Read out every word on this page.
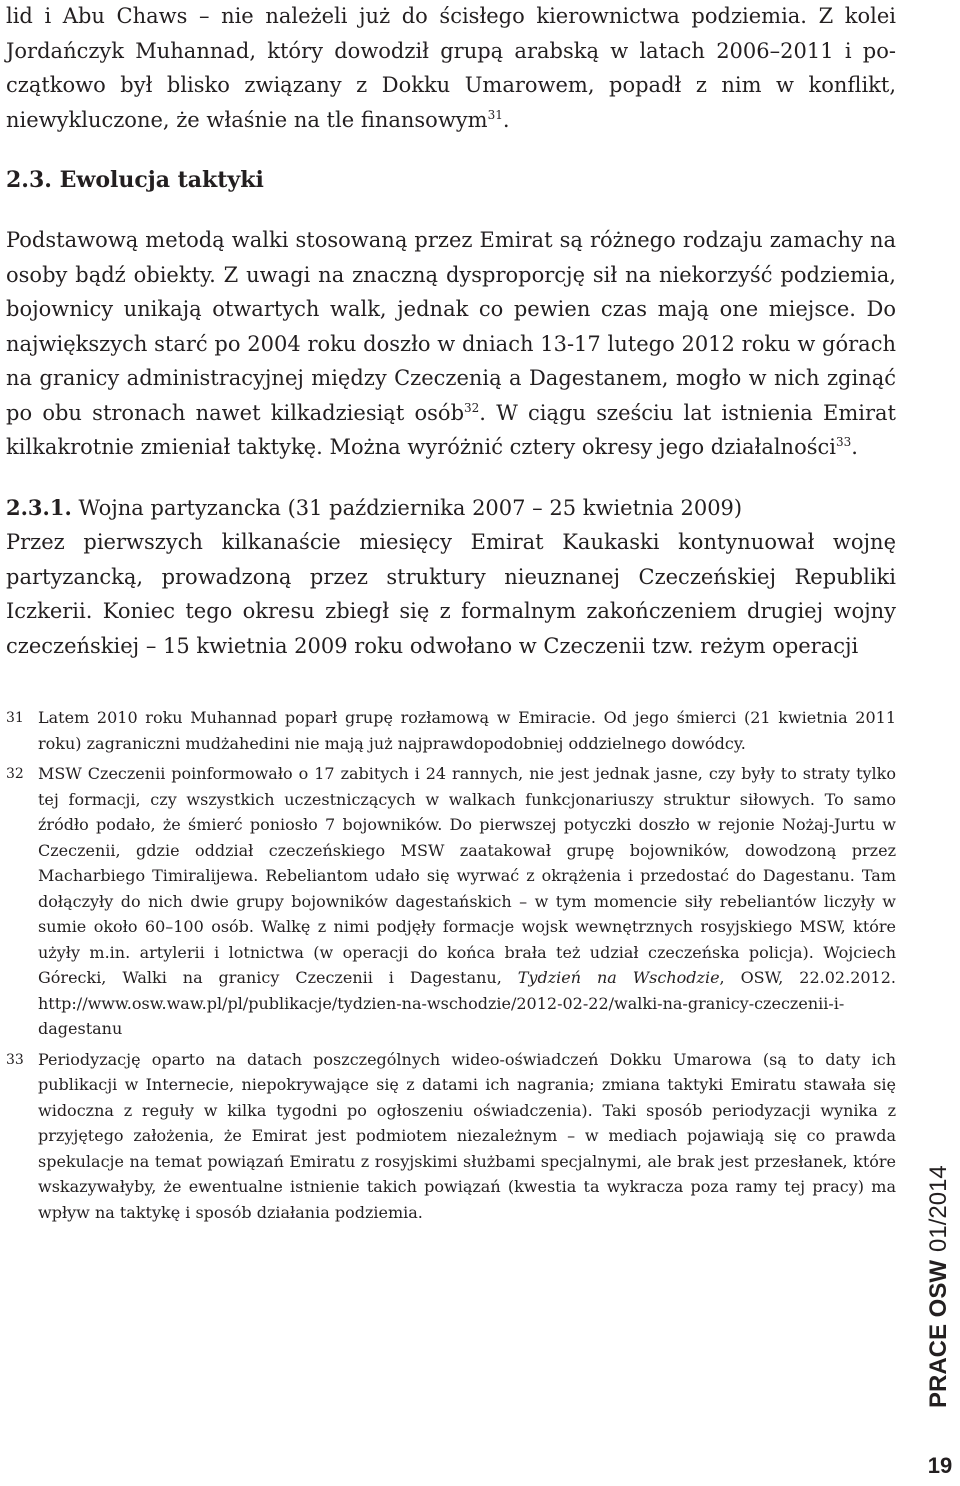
lid i Abu Chaws – nie należeli już do ścisłego kierownictwa podziemia. Z kolei Jordańczyk Muhannad, który dowodził grupą arabską w latach 2006–2011 i początkowo był blisko związany z Dokku Umarowem, popadł z nim w konflikt, niewykluczone, że właśnie na tle finansowym$^{31}$.

2.3. Ewolucja taktyki

Podstawową metodą walki stosowaną przez Emirat są różnego rodzaju zamachy na osoby bądź obiekty. Z uwagi na znaczną dysproporcję sił na niekorzyść podziemia, bojownicy unikają otwartych walk, jednak co pewien czas mają one miejsce. Do największych starć po 2004 roku doszło w dniach 13-17 lutego 2012 roku w górach na granicy administracyjnej między Czeczenią a Dagestanem, mogło w nich zginąć po obu stronach nawet kilkadziesiąt osób$^{32}$. W ciągu sześciu lat istnienia Emirat kilkakrotnie zmieniał taktykę. Można wyróżnić cztery okresy jego działalności$^{33}$.

2.3.1. Wojna partyzancka (31 października 2007 – 25 kwietnia 2009)

Przez pierwszych kilkanaście miesięcy Emirat Kaukaski kontynuował wojnę partyzancką, prowadzoną przez struktury nieuznanej Czeczeńskiej Republiki Iczkerii. Koniec tego okresu zbiegł się z formalnym zakończeniem drugiej wojny czeczeńskiej – 15 kwietnia 2009 roku odwołano w Czeczenii tzw. reżym operacji

31 Latem 2010 roku Muhannad poparł grupę rozłamową w Emiracie. Od jego śmierci (21 kwietnia 2011 roku) zagraniczni mudżahedini nie mają już najprawdopodobniej oddzielnego dowódcy.
32 MSW Czeczenii poinformowało o 17 zabitych i 24 rannych, nie jest jednak jasne, czy były to straty tylko tej formacji, czy wszystkich uczestniczących w walkach funkcjonariuszy struktur siłowych. To samo źródło podało, że śmierć poniosło 7 bojowników. Do pierwszej potyczki doszło w rejonie Nożaj-Jurtu w Czeczenii, gdzie oddział czeczeńskiego MSW zaatakował grupę bojowników, dowodzoną przez Macharbiego Timiralijewa. Rebeliantom udało się wyrwać z okrążenia i przedostać do Dagestanu. Tam dołączyły do nich dwie grupy bojowników dagestańskich – w tym momencie siły rebeliantów liczyły w sumie około 60–100 osób. Walkę z nimi podjęły formacje wojsk wewnętrznych rosyjskiego MSW, które użyły m.in. artylerii i lotnictwa (w operacji do końca brała też udział czeczeńska policja). Wojciech Górecki, Walki na granicy Czeczenii i Dagestanu, Tydzień na Wschodzie, OSW, 22.02.2012. http://www.osw.waw.pl/pl/publikacje/tydzien-na-wschodzie/2012-02-22/walki-na-granicy-czeczenii-i-dagestanu
33 Periodyzację oparto na datach poszczególnych wideo-oświadczeń Dokku Umarowa (są to daty ich publikacji w Internecie, niepokrywające się z datami ich nagrania; zmiana taktyki Emiratu stawała się widoczna z reguły w kilka tygodni po ogłoszeniu oświadczenia). Taki sposób periodyzacji wynika z przyjętego założenia, że Emirat jest podmiotem niezależnym – w mediach pojawiają się co prawda spekulacje na temat powiązań Emiratu z rosyjskimi służbami specjalnymi, ale brak jest przesłanek, które wskazywałyby, że ewentualne istnienie takich powiązań (kwestia ta wykracza poza ramy tej pracy) ma wpływ na taktykę i sposób działania podziemia.
PRACE OSW01/2014
19
